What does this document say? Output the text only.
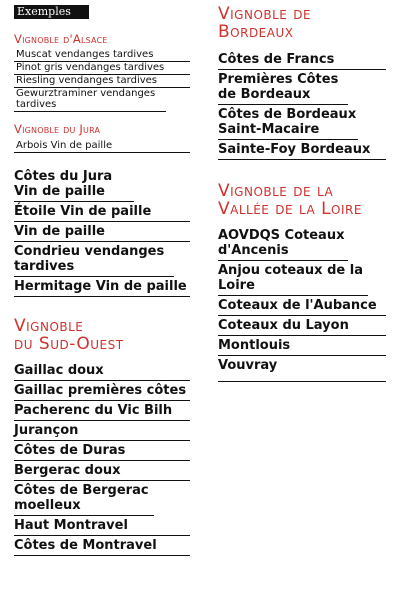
Exemples
Vignoble d'Alsace
Muscat vendanges tardives
Pinot gris vendanges tardives
Riesling vendanges tardives
Gewurztraminer vendanges tardives
Vignoble du Jura
Arbois Vin de paille
Côtes du Jura Vin de paille
Étoile Vin de paille
Vin de paille
Condrieu vendanges tardives
Hermitage Vin de paille
Vignoble
du Sud-Ouest
Gaillac doux
Gaillac premières côtes
Pacherenc du Vic Bilh
Jurançon
Côtes de Duras
Bergerac doux
Côtes de Bergerac moelleux
Haut Montravel
Côtes de Montravel
Vignoble de
Bordeaux
Côtes de Francs
Premières Côtes de Bordeaux
Côtes de Bordeaux Saint-Macaire
Sainte-Foy Bordeaux
Vignoble de la
Vallée de la Loire
AOVDQS Coteaux d'Ancenis
Anjou coteaux de la Loire
Coteaux de l'Aubance
Coteaux du Layon
Montlouis
Vouvray
